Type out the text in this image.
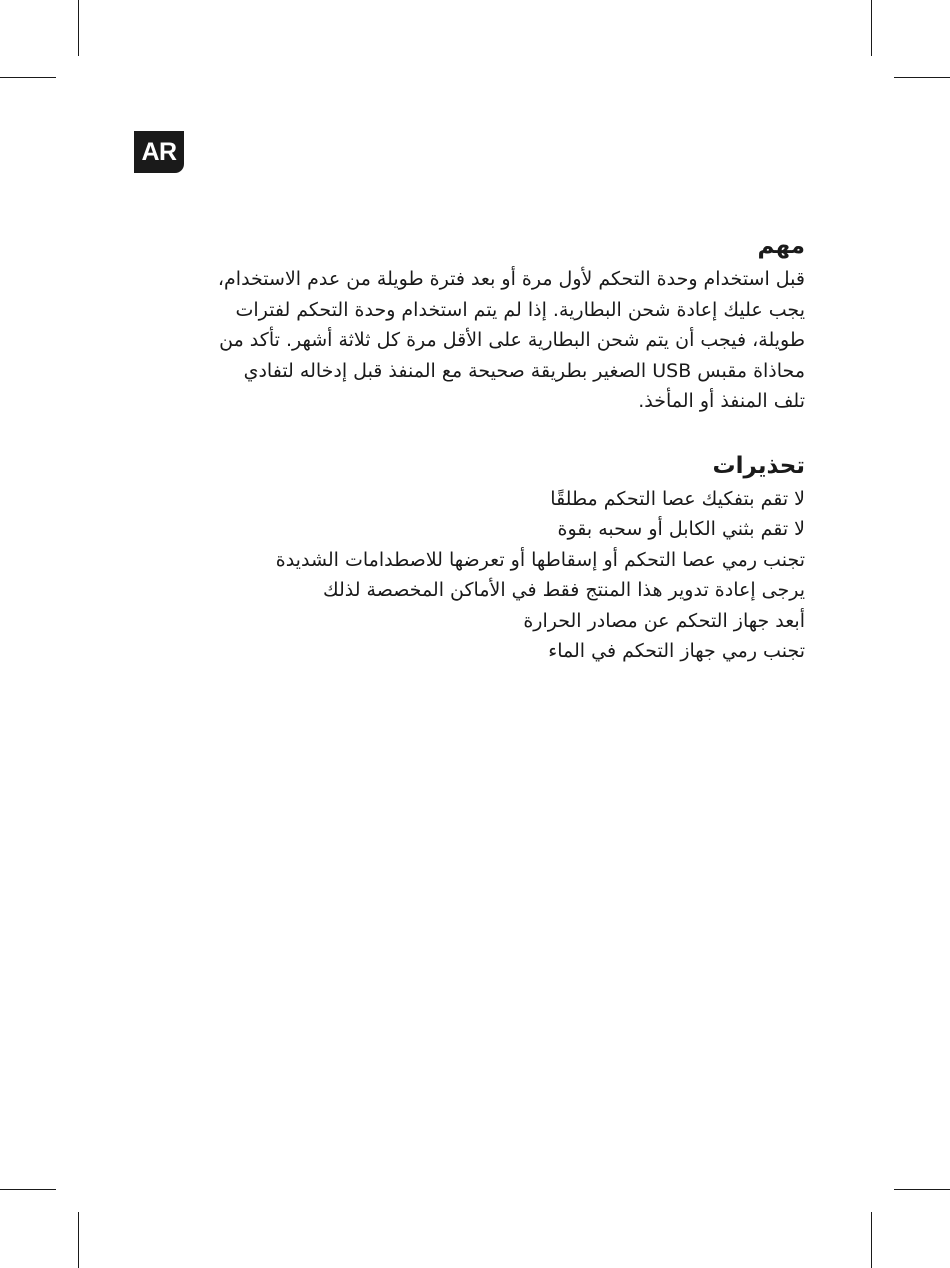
AR
مهم

قبل استخدام وحدة التحكم لأول مرة أو بعد فترة طويلة من عدم الاستخدام،
يجب عليك إعادة شحن البطارية. إذا لم يتم استخدام وحدة التحكم لفترات
طويلة، فيجب أن يتم شحن البطارية على الأقل مرة كل ثلاثة أشهر. تأكد من
محاذاة مقبس USB الصغير بطريقة صحيحة مع المنفذ قبل إدخاله لتفادي
تلف المنفذ أو المأخذ.

تحذيرات
لا تقم بتفكيك عصا التحكم مطلقًا
لا تقم بثني الكابل أو سحبه بقوة
تجنب رمي عصا التحكم أو إسقاطها أو تعرضها للاصطدامات الشديدة
يرجى إعادة تدوير هذا المنتج فقط في الأماكن المخصصة لذلك
أبعد جهاز التحكم عن مصادر الحرارة
تجنب رمي جهاز التحكم في الماء
